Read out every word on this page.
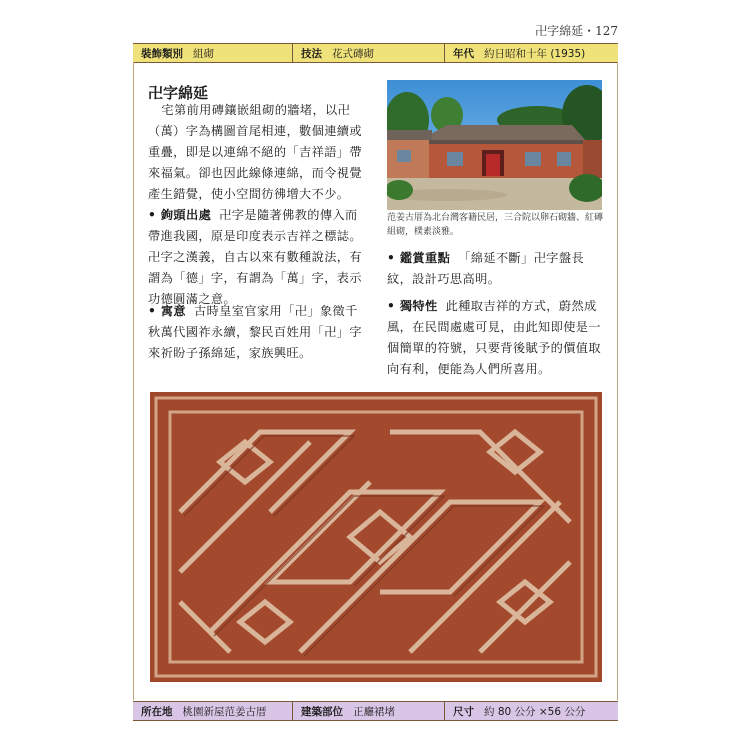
卍字綿延・127
裝飾類別 組砌	技法 花式磚砌	年代 約日昭和十年 (1935)
卍字綿延
宅第前用磚鑲嵌組砌的牆堵，以卍（萬）字為構圖首尾相連，數個連續或重疊，即是以連綿不絕的「吉祥語」帶來福氣。卻也因此線條連綿，而令視覺產生錯覺，使小空間彷彿增大不少。
• 鉤頭出處 卍字是隨著佛教的傳入而帶進我國，原是印度表示吉祥之標誌。卍字之漢義，自古以來有數種說法，有謂為「德」字，有謂為「萬」字，表示功德圓滿之意。
• 寓意 古時皇室官家用「卍」象徵千秋萬代國祚永續，黎民百姓用「卍」字來祈盼子孫綿延，家族興旺。
范姜古厝為北台灣客籍民居，三合院以卵石砌牆、紅磚組砌，樸素淡雅。
• 鑑賞重點 「綿延不斷」卍字盤長紋，設計巧思高明。
• 獨特性 此種取吉祥的方式，蔚然成風，在民間處處可見，由此知即使是一個簡單的符號，只要背後賦予的價值取向有利，便能為人們所喜用。
所在地 桃園新屋范姜古厝	建築部位 正廳裙堵	尺寸 約 80 公分 ×56 公分
